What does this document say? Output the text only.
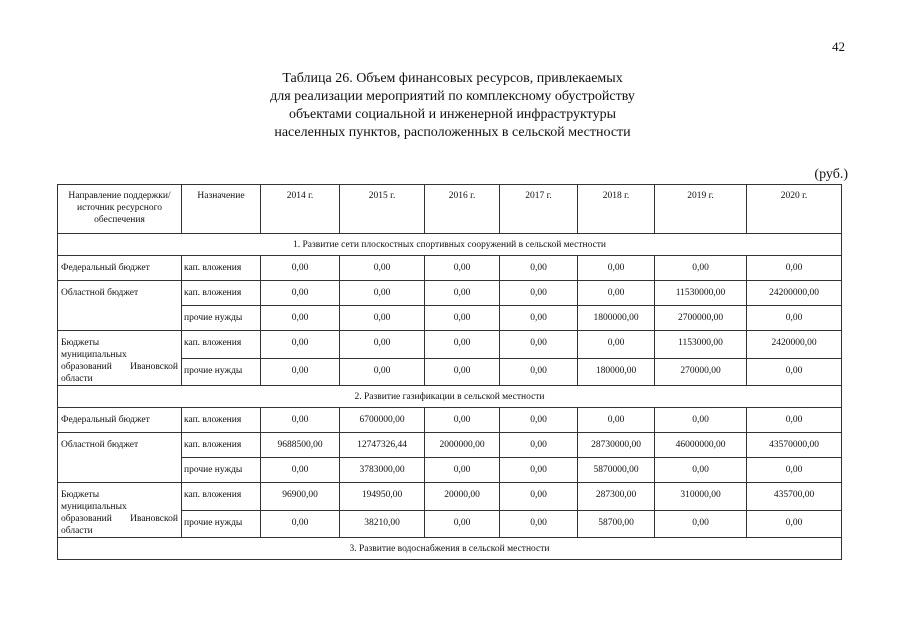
42
Таблица 26. Объем финансовых ресурсов, привлекаемых
для реализации мероприятий по комплексному обустройству
объектами социальной и инженерной инфраструктуры
населенных пунктов, расположенных в сельской местности
(руб.)
Направление поддержки/источник ресурсного обеспечения	Назначение	2014 г.	2015 г.	2016 г.	2017 г.	2018 г.	2019 г.	2020 г.
1. Развитие сети плоскостных спортивных сооружений в сельской местности								
Федеральный бюджет	кап. вложения	0,00	0,00	0,00	0,00	0,00	0,00	0,00
Областной бюджет	кап. вложения	0,00	0,00	0,00	0,00	0,00	11530000,00	24200000,00
	прочие нужды	0,00	0,00	0,00	0,00	1800000,00	2700000,00	0,00

Бюджеты
муниципальных
образований Ивановской
области	кап. вложения	0,00	0,00	0,00	0,00	0,00	1153000,00	2420000,00
	прочие нужды	0,00	0,00	0,00	0,00	180000,00	270000,00	0,00
2. Развитие газификации в сельской местности								
Федеральный бюджет	кап. вложения	0,00	6700000,00	0,00	0,00	0,00	0,00	0,00
Областной бюджет	кап. вложения	9688500,00	12747326,44	2000000,00	0,00	28730000,00	46000000,00	43570000,00
	прочие нужды	0,00	3783000,00	0,00	0,00	5870000,00	0,00	0,00

Бюджеты
муниципальных
образований Ивановской
области	кап. вложения	96900,00	194950,00	20000,00	0,00	287300,00	310000,00	435700,00
	прочие нужды	0,00	38210,00	0,00	0,00	58700,00	0,00	0,00
3. Развитие водоснабжения в сельской местности								
